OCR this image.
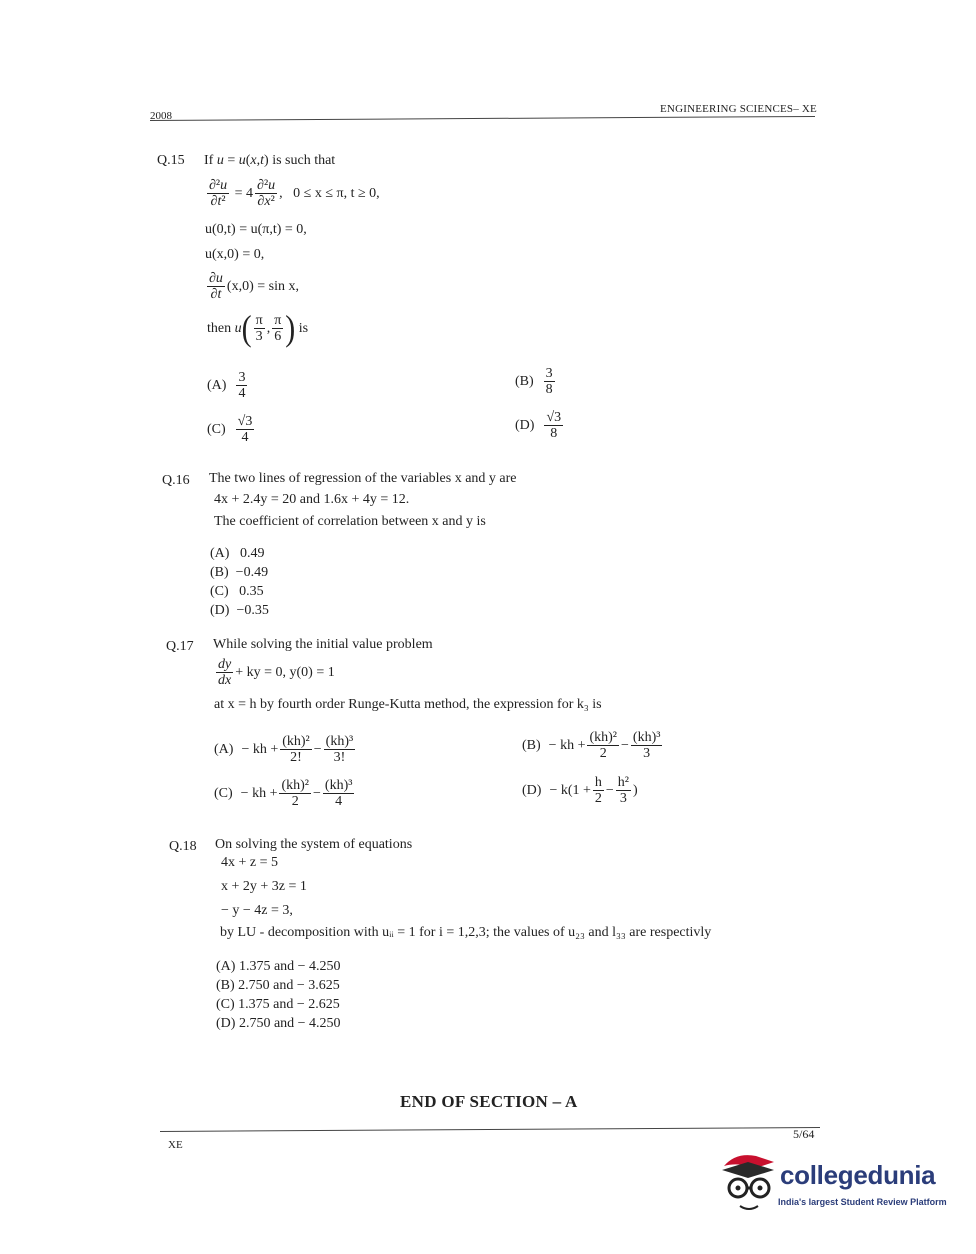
2008
ENGINEERING SCIENCES– XE
Q.15 If u = u(x,t) is such that
$\frac{\text{∂²u}}{\text{∂t²}} = 4 \frac{\text{∂²u}}{\text{∂x²}}$ , 0 ≤ x ≤ π, t ≥ 0,
u(0,t) = u(π,t) = 0,
u(x,0) = 0,
$\frac{\partial u}{\partial t} (x,0) = \sin x$,
then
u ( $\frac{\pi}{3}$ , $\frac{\pi}{6}$ )
is
$(A) \frac{3}{4}$	$(B) \frac{3}{8}$
$(C) \frac{√3}{4}$	$(D) \frac{√3}{8}$
Q.16 The two lines of regression of the variables x and y are
4x + 2.4y = 20 and 1.6x + 4y = 12.
The coefficient of correlation between x and y is
(A) 0.49
(B) −0.49
(C) 0.35
(D) −0.35
Q.17 While solving the initial value problem
$\frac{dy}{dx}$ + ky = 0, y(0) = 1
at x = h by fourth order Runge-Kutta method, the expression for k₃ is
(A) − kh + $\frac{\text{(kh)²}}{2!} - \frac{\text{(kh)³}}{3!}$	(B) − kh + $\frac{\text{(kh)²}}{2} - \frac{\text{(kh)³}}{3}$
(C) − kh + $\frac{\text{(kh)²}}{2} - \frac{\text{(kh)³}}{4}$	$(D) - k(1 + \frac{h}{2} - \frac{\text{h²}}{3}$ )
Q.18 On solving the system of equations
4x + z = 5
x + 2y + 3z = 1
− y − 4z = 3,
by LU - decomposition with uᵢᵢ = 1 for i = 1,2,3; the values of u₂₃ and l₃₃ are respectivly
(A) 1.375 and − 4.250
(B) 2.750 and − 3.625
(C) 1.375 and − 2.625
(D) 2.750 and − 4.250
END OF SECTION – A
5/64
XE
collegedunia
India's largest Student Review Platform
